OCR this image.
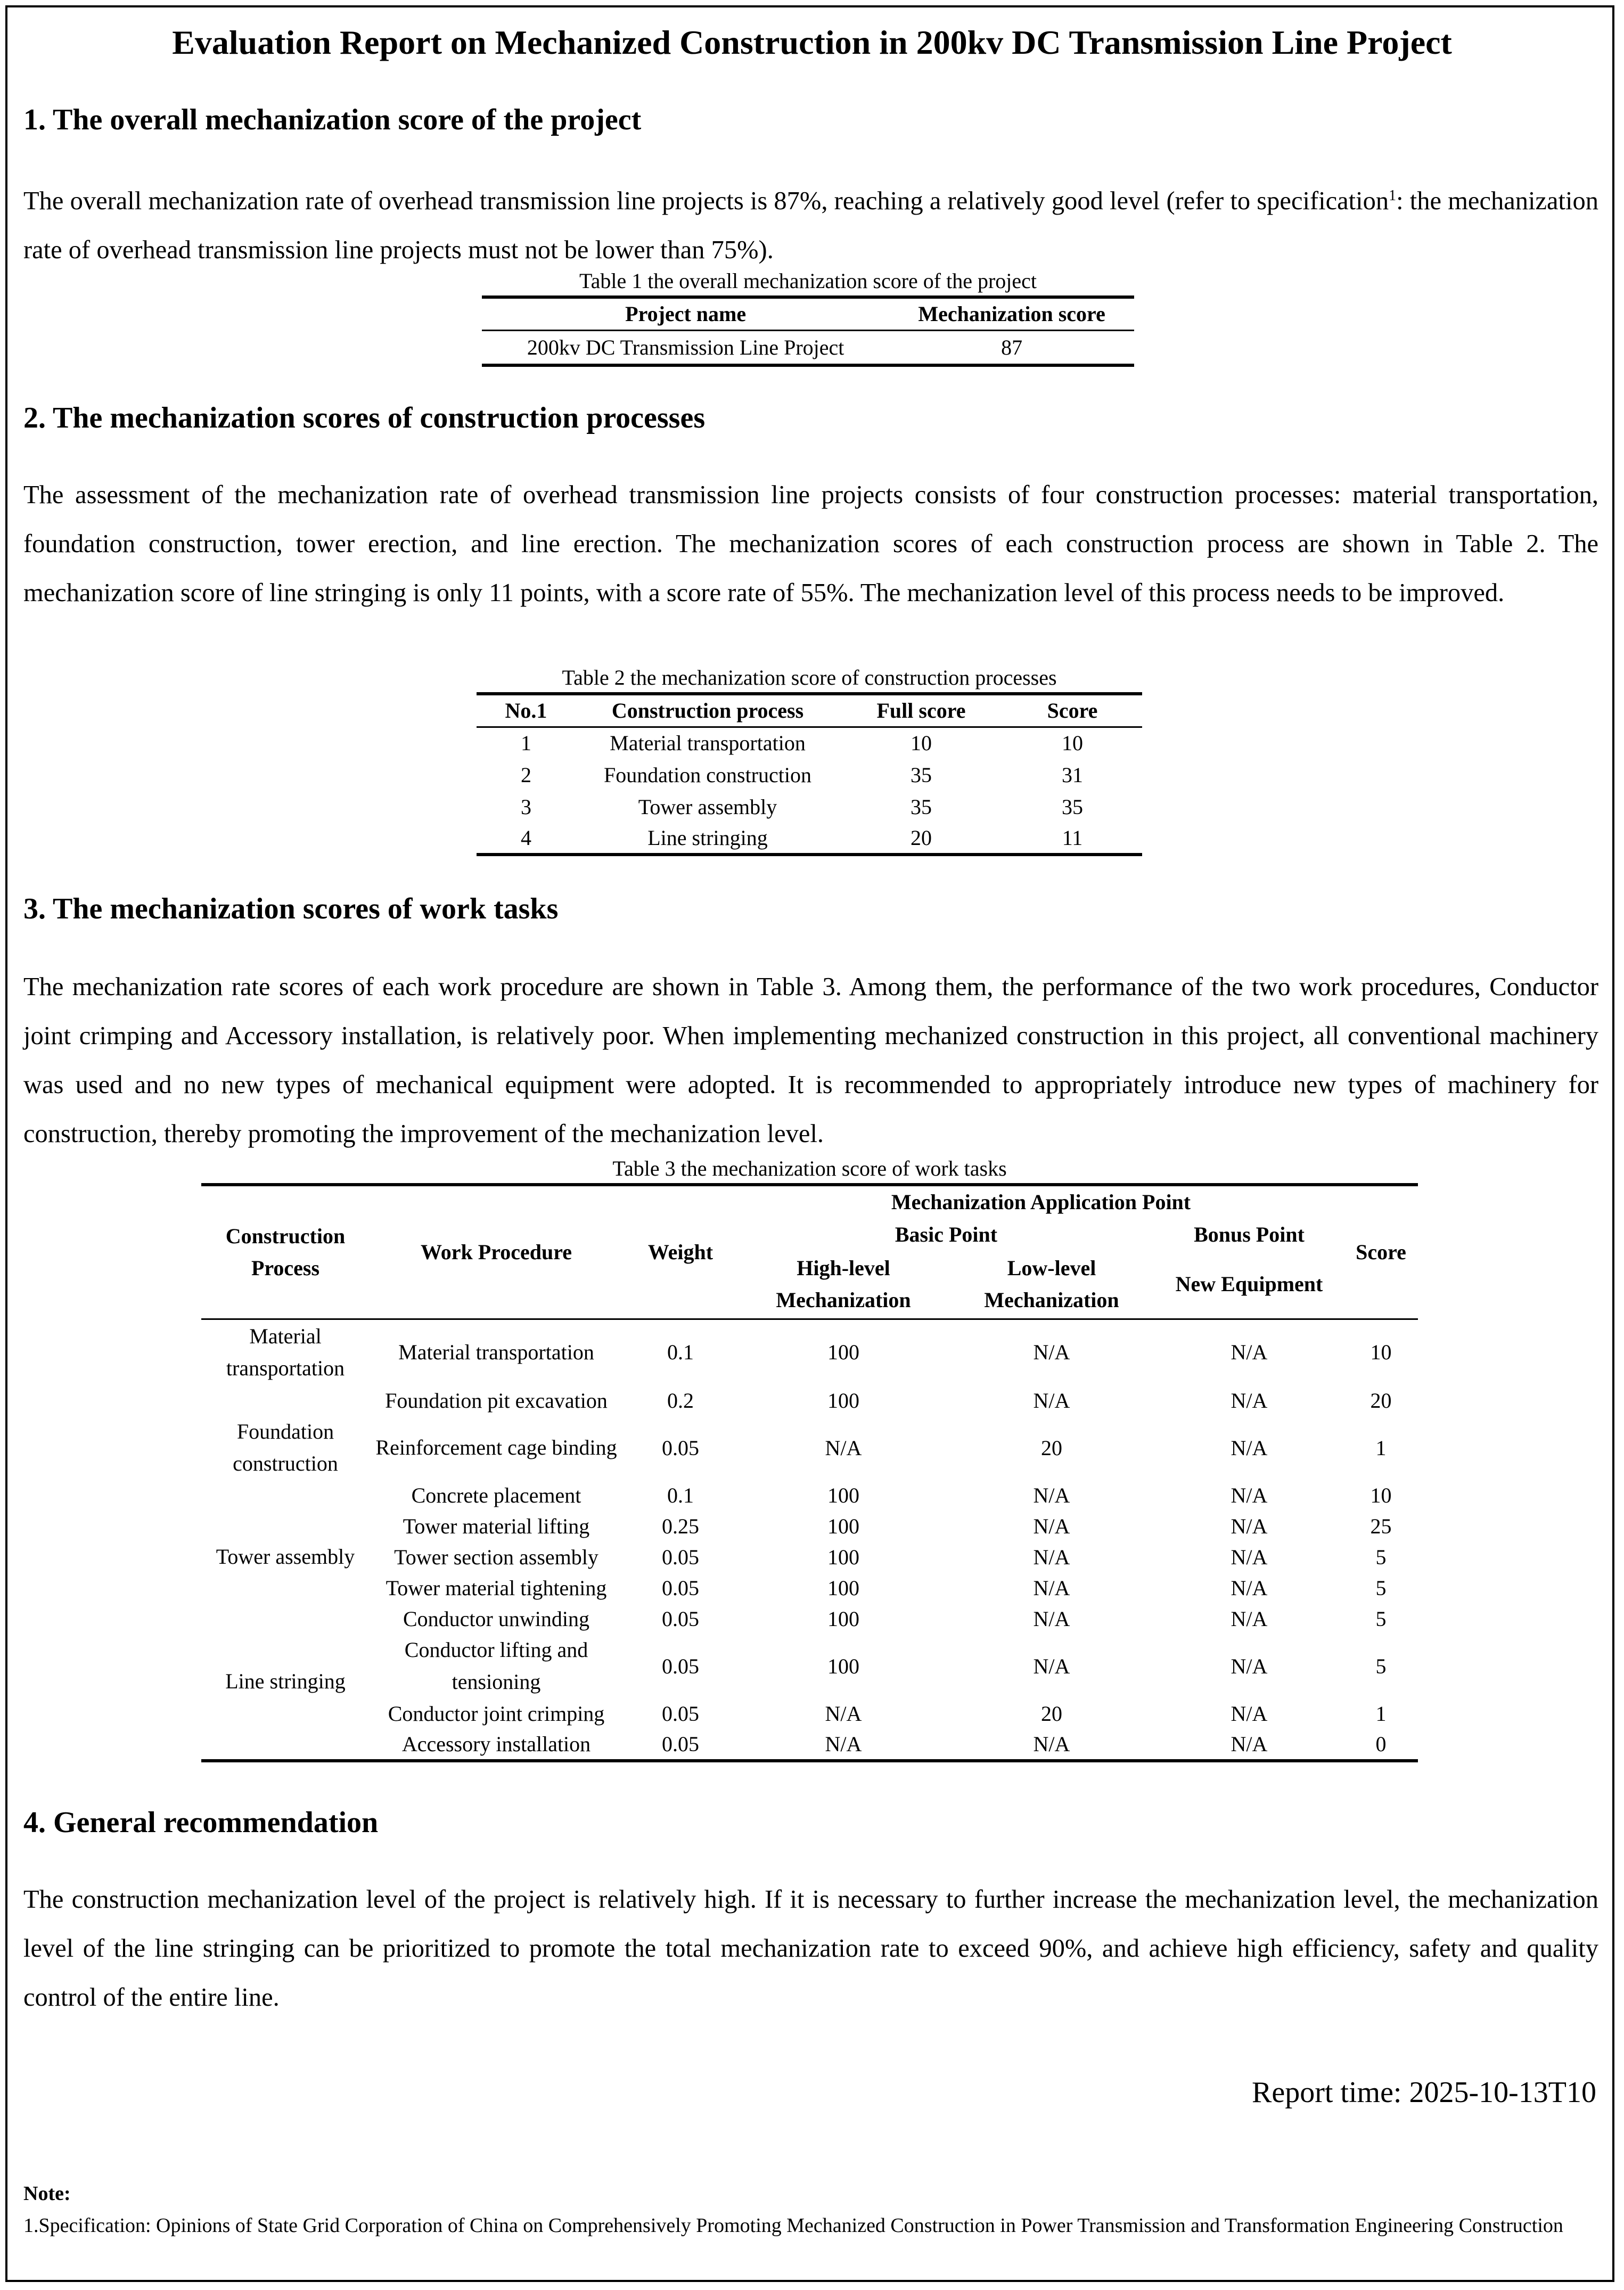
Evaluation Report on Mechanized Construction in 200kv DC Transmission Line Project
1. The overall mechanization score of the project
The overall mechanization rate of overhead transmission line projects is 87%, reaching a relatively good level (refer to specification$^1$: the mechanization rate of overhead transmission line projects must not be lower than 75%).
Table 1 the overall mechanization score of the project
Project name	Mechanization score
200kv DC Transmission Line Project	87
2. The mechanization scores of construction processes
The assessment of the mechanization rate of overhead transmission line projects consists of four construction processes: material transportation, foundation construction, tower erection, and line erection. The mechanization scores of each construction process are shown in Table 2. The mechanization score of line stringing is only 11 points, with a score rate of 55%. The mechanization level of this process needs to be improved.
Table 2 the mechanization score of construction processes
No.1	Construction process	Full score	Score
1	Material transportation	10	10
2	Foundation construction	35	31
3	Tower assembly	35	35
4	Line stringing	20	11
3. The mechanization scores of work tasks
The mechanization rate scores of each work procedure are shown in Table 3. Among them, the performance of the two work procedures, Conductor joint crimping and Accessory installation, is relatively poor. When implementing mechanized construction in this project, all conventional machinery was used and no new types of mechanical equipment were adopted. It is recommended to appropriately introduce new types of machinery for construction, thereby promoting the improvement of the mechanization level.
Table 3 the mechanization score of work tasks
Construction Process	Work Procedure	Weight	Mechanization Application Point			Score
			Basic Point		Bonus Point	
			High-level Mechanization	Low-level Mechanization	New Equipment	
Material transportation	Material transportation	0.1	100	N/A	N/A	10
Foundation construction	Foundation pit excavation	0.2	100	N/A	N/A	20
	Reinforcement cage binding	0.05	N/A	20	N/A	1
	Concrete placement	0.1	100	N/A	N/A	10
Tower assembly	Tower material lifting	0.25	100	N/A	N/A	25
	Tower section assembly	0.05	100	N/A	N/A	5
	Tower material tightening	0.05	100	N/A	N/A	5
Line stringing	Conductor unwinding	0.05	100	N/A	N/A	5
	Conductor lifting and tensioning	0.05	100	N/A	N/A	5
	Conductor joint crimping	0.05	N/A	20	N/A	1
	Accessory installation	0.05	N/A	N/A	N/A	0
4. General recommendation
The construction mechanization level of the project is relatively high. If it is necessary to further increase the mechanization level, the mechanization level of the line stringing can be prioritized to promote the total mechanization rate to exceed 90%, and achieve high efficiency, safety and quality control of the entire line.
Report time: 2025-10-13T10
Note:
1.Specification: Opinions of State Grid Corporation of China on Comprehensively Promoting Mechanized Construction in Power Transmission and Transformation Engineering Construction
